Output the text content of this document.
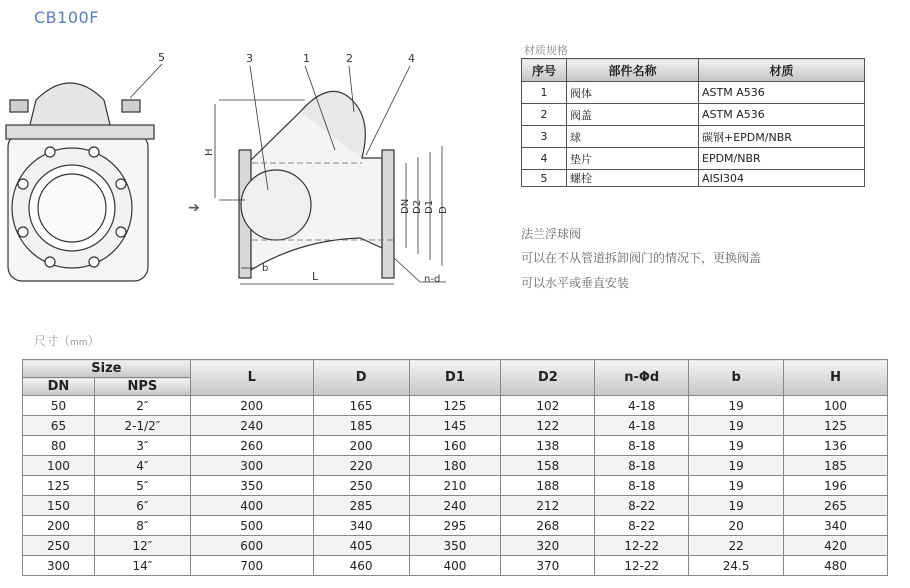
CB100F
5	3	1	2	4
➔
H
DN D2 D1 D
b
L	n-d
材质规格
序号	部件名称	材质
1	阀体	ASTM A536
2	阀盖	ASTM A536
3	球	碳钢+EPDM/NBR
4	垫片	EPDM/NBR
5	螺栓	AISI304
法兰浮球阀
可以在不从管道拆卸阀门的情况下，更换阀盖
可以水平或垂直安装
尺寸（mm）
Size		L	D	D1	D2	n-Φd	b	H
DN	NPS							
50	2″	200	165	125	102	4-18	19	100
65	2-1/2″	240	185	145	122	4-18	19	125
80	3″	260	200	160	138	8-18	19	136
100	4″	300	220	180	158	8-18	19	185
125	5″	350	250	210	188	8-18	19	196
150	6″	400	285	240	212	8-22	19	265
200	8″	500	340	295	268	8-22	20	340
250	12″	600	405	350	320	12-22	22	420
300	14″	700	460	400	370	12-22	24.5	480
